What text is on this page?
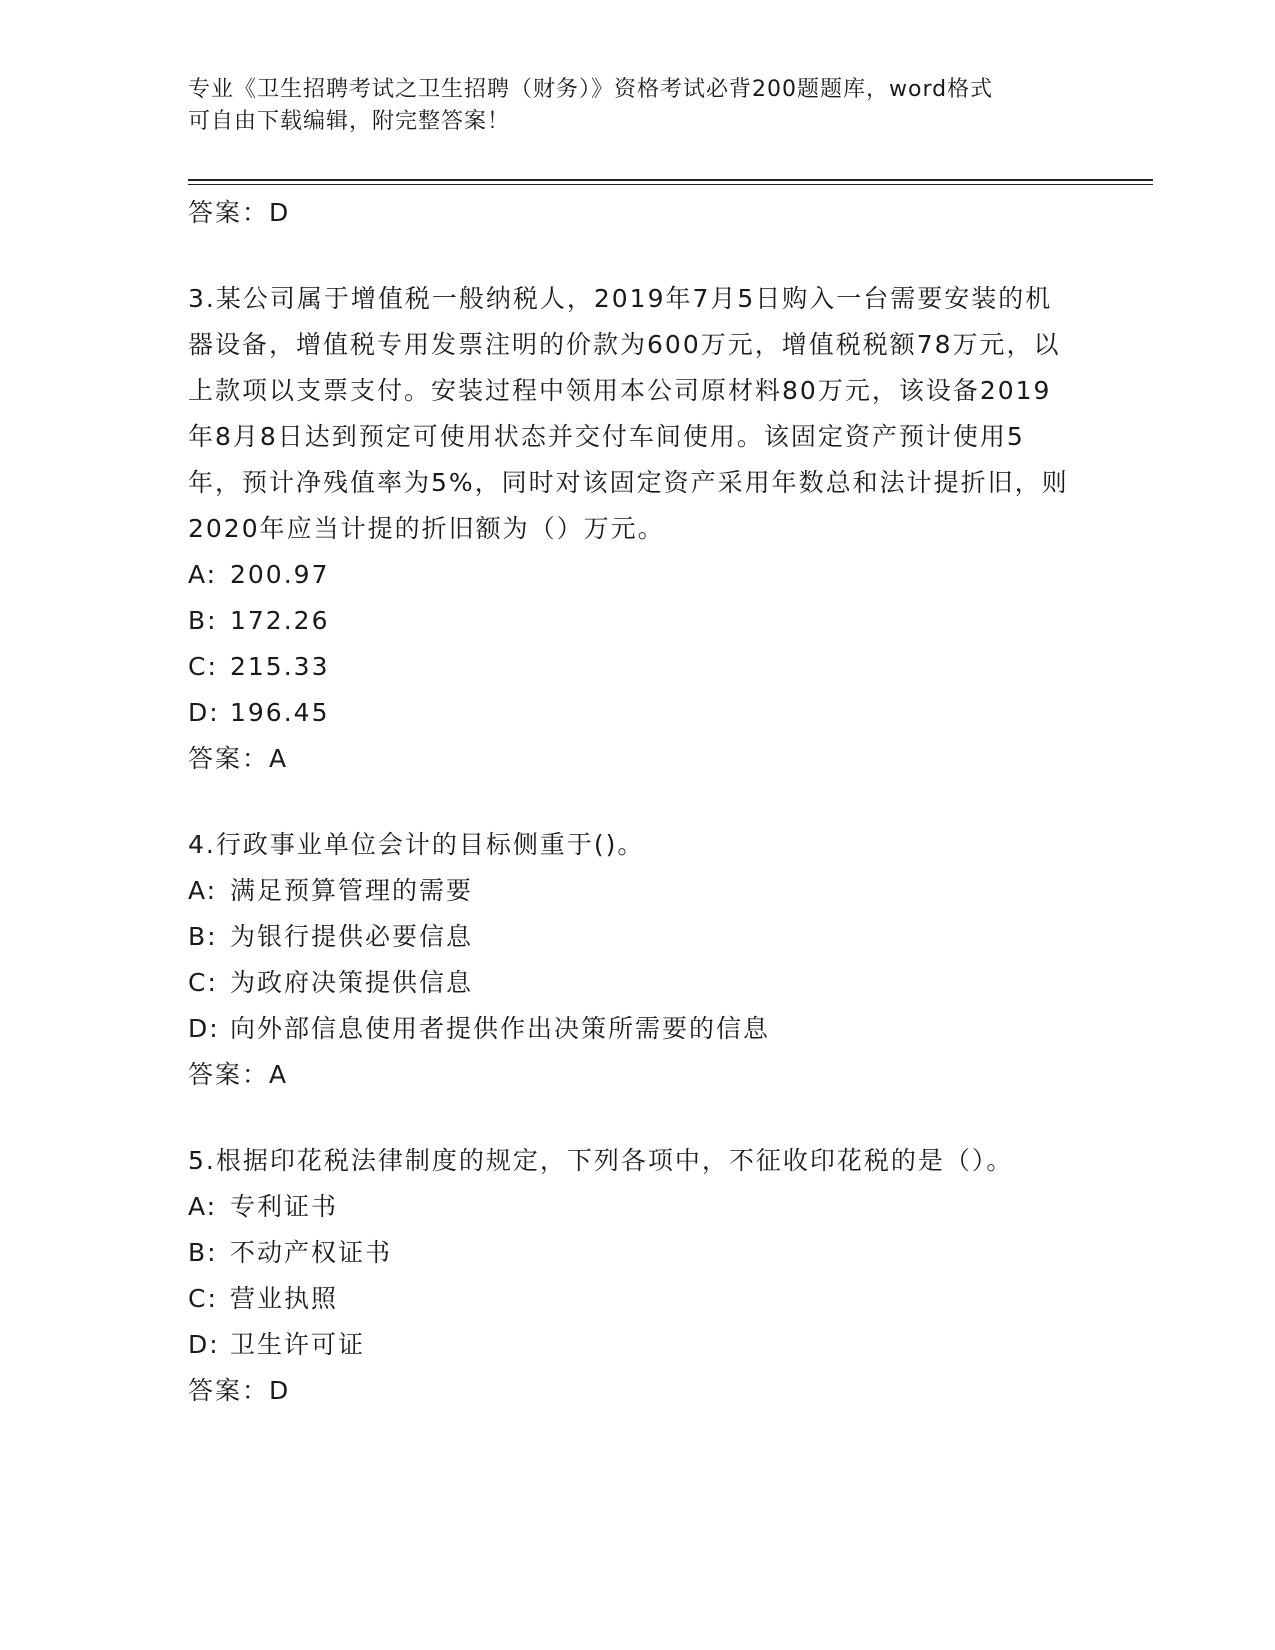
专业《卫生招聘考试之卫生招聘（财务）》资格考试必背200题题库，word格式
可自由下载编辑，附完整答案！
答案：D
3.某公司属于增值税一般纳税人，2019年7月5日购入一台需要安装的机器设备，增值税专用发票注明的价款为600万元，增值税税额78万元，以上款项以支票支付。安装过程中领用本公司原材料80万元，该设备2019年8月8日达到预定可使用状态并交付车间使用。该固定资产预计使用5年，预计净残值率为5%，同时对该固定资产采用年数总和法计提折旧，则2020年应当计提的折旧额为（）万元。
A: 200.97
B: 172.26
C: 215.33
D: 196.45
答案：A
4.行政事业单位会计的目标侧重于()。
A: 满足预算管理的需要
B: 为银行提供必要信息
C: 为政府决策提供信息
D: 向外部信息使用者提供作出决策所需要的信息
答案：A
5.根据印花税法律制度的规定，下列各项中，不征收印花税的是（）。
A: 专利证书
B: 不动产权证书
C: 营业执照
D: 卫生许可证
答案：D
